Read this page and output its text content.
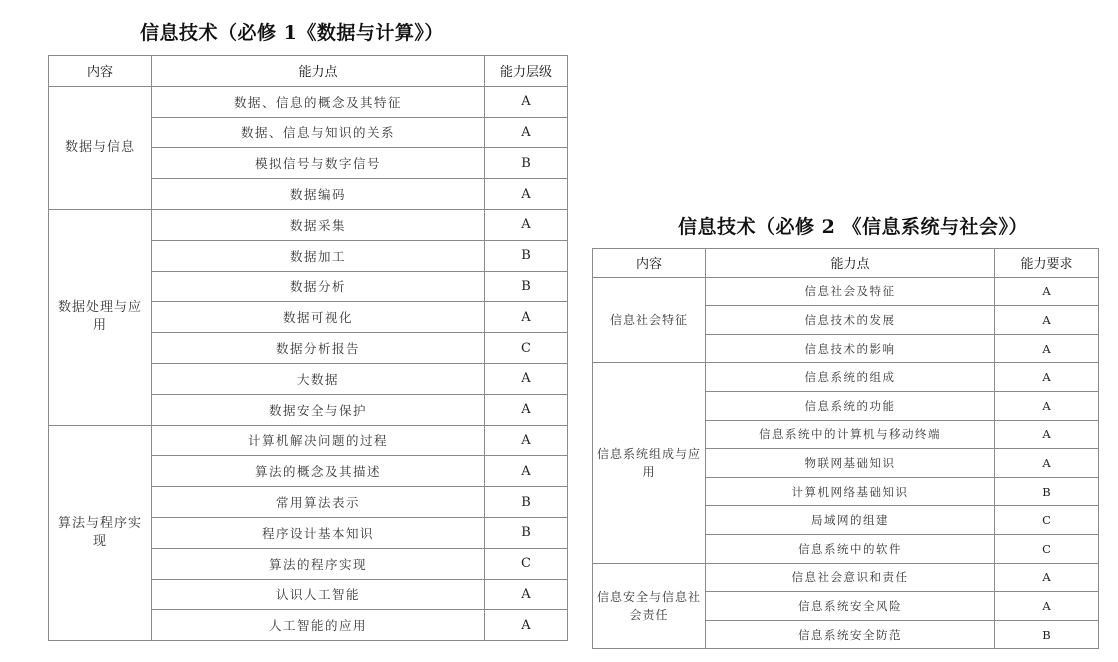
信息技术（必修 1《数据与计算》）
内容	能力点	能力层级
数据与信息	数据、信息的概念及其特征	A
	数据、信息与知识的关系	A
	模拟信号与数字信号	B
	数据编码	A
数据处理与应用	数据采集	A
	数据加工	B
	数据分析	B
	数据可视化	A
	数据分析报告	C
	大数据	A
	数据安全与保护	A
算法与程序实现	计算机解决问题的过程	A
	算法的概念及其描述	A
	常用算法表示	B
	程序设计基本知识	B
	算法的程序实现	C
	认识人工智能	A
	人工智能的应用	A
信息技术（必修 2 《信息系统与社会》）
内容	能力点	能力要求
信息社会特征	信息社会及特征	A
	信息技术的发展	A
	信息技术的影响	A
信息系统组成与应用	信息系统的组成	A
	信息系统的功能	A
	信息系统中的计算机与移动终端	A
	物联网基础知识	A
	计算机网络基础知识	B
	局域网的组建	C
	信息系统中的软件	C
信息安全与信息社会责任	信息社会意识和责任	A
	信息系统安全风险	A
	信息系统安全防范	B
